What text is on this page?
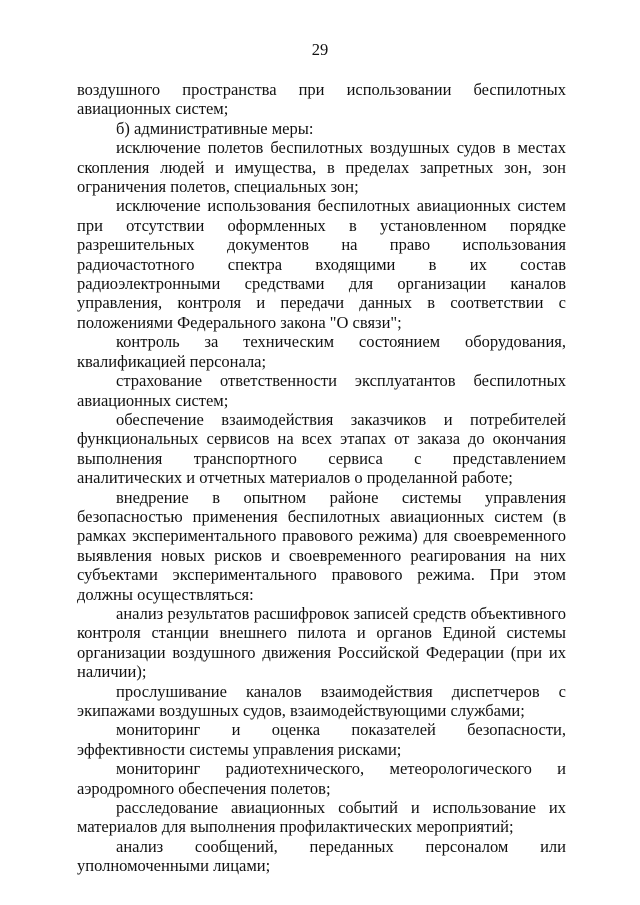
29

воздушного пространства при использовании беспилотных авиационных систем;

б) административные меры:

исключение полетов беспилотных воздушных судов в местах скопления людей и имущества, в пределах запретных зон, зон ограничения полетов, специальных зон;

исключение использования беспилотных авиационных систем при отсутствии оформленных в установленном порядке разрешительных документов на право использования радиочастотного спектра входящими в их состав радиоэлектронными средствами для организации каналов управления, контроля и передачи данных в соответствии с положениями Федерального закона "О связи";

контроль за техническим состоянием оборудования, квалификацией персонала;

страхование ответственности эксплуатантов беспилотных авиационных систем;

обеспечение взаимодействия заказчиков и потребителей функциональных сервисов на всех этапах от заказа до окончания выполнения транспортного сервиса с представлением аналитических и отчетных материалов о проделанной работе;

внедрение в опытном районе системы управления безопасностью применения беспилотных авиационных систем (в рамках экспериментального правового режима) для своевременного выявления новых рисков и своевременного реагирования на них субъектами экспериментального правового режима. При этом должны осуществляться:

анализ результатов расшифровок записей средств объективного контроля станции внешнего пилота и органов Единой системы организации воздушного движения Российской Федерации (при их наличии);

прослушивание каналов взаимодействия диспетчеров с экипажами воздушных судов, взаимодействующими службами;

мониторинг и оценка показателей безопасности, эффективности системы управления рисками;

мониторинг радиотехнического, метеорологического и аэродромного обеспечения полетов;

расследование авиационных событий и использование их материалов для выполнения профилактических мероприятий;

анализ сообщений, переданных персоналом или уполномоченными лицами;
